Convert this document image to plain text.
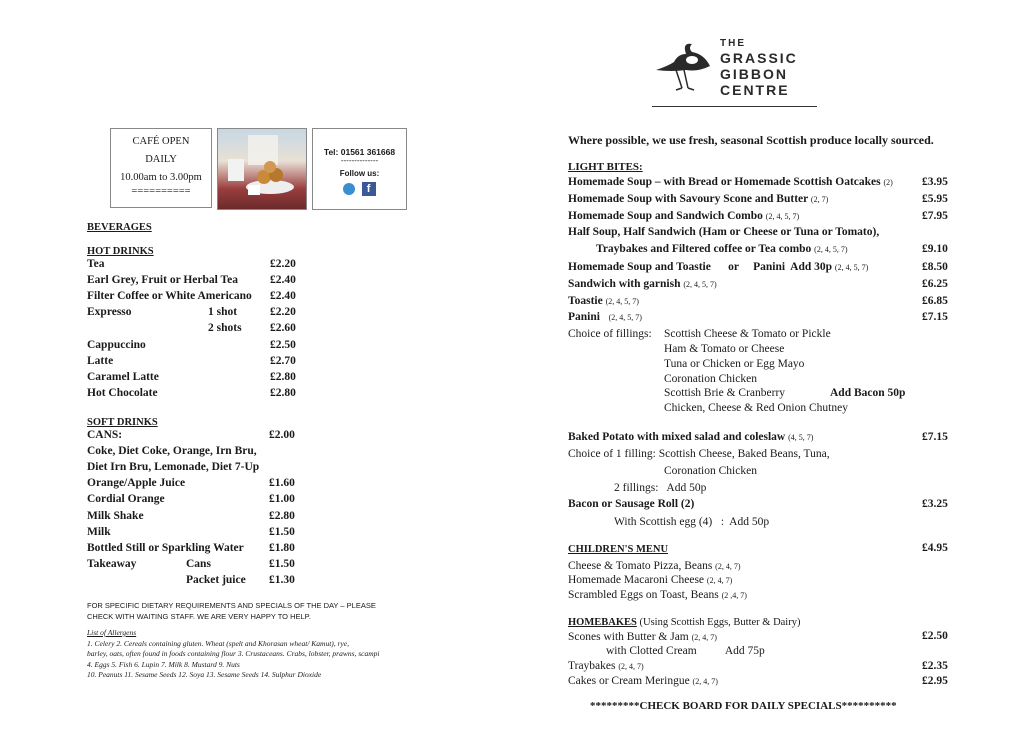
THE
GRASSIC
GIBBON
CENTRE
CAFÉ OPEN
DAILY
10.00am to 3.00pm
==========
Tel: 01561 361668
--------------
Follow us:
f
BEVERAGES
HOT DRINKS
Tea	£2.20
Earl Grey, Fruit or Herbal Tea	£2.40
Filter Coffee or White Americano £2.40
Expresso	1 shot	£2.20
2 shots £2.60
Cappuccino	£2.50
Latte	£2.70
Caramel Latte	£2.80
Hot Chocolate	£2.80
SOFT DRINKS
CANS:	£2.00
Coke, Diet Coke, Orange, Irn Bru,
Diet Irn Bru, Lemonade, Diet 7-Up
Orange/Apple Juice	£1.60
Cordial Orange	£1.00
Milk Shake	£2.80
Milk	£1.50
Bottled Still or Sparkling Water £1.80
Takeaway	Cans	£1.50
Packet juice £1.30
FOR SPECIFIC DIETARY REQUIREMENTS AND SPECIALS OF THE DAY – PLEASE
CHECK WITH WAITING STAFF. WE ARE VERY HAPPY TO HELP.
List of Allergens
1. Celery 2. Cereals containing gluten. Wheat (spelt and Khorasan wheat/ Kamut), rye,
barley, oats, often found in foods containing flour 3. Crustaceans. Crabs, lobster, prawns, scampi
4. Eggs 5. Fish 6. Lupin 7. Milk 8. Mustard 9. Nuts
10. Peanuts 11. Sesame Seeds 12. Soya 13. Sesame Seeds 14. Sulphur Dioxide
Where possible, we use fresh, seasonal Scottish produce locally sourced.
LIGHT BITES:
Homemade Soup – with Bread or Homemade Scottish Oatcakes (2)	£3.95
Homemade Soup with Savoury Scone and Butter (2, 7)	£5.95
Homemade Soup and Sandwich Combo (2, 4, 5, 7)	£7.95
Half Soup, Half Sandwich (Ham or Cheese or Tuna or Tomato),
Traybakes and Filtered coffee or Tea combo (2, 4, 5, 7)	£9.10
Homemade Soup and Toastie      or     Panini  Add 30p (2, 4, 5, 7)	£8.50
Sandwich with garnish (2, 4, 5, 7)	£6.25
Toastie (2, 4, 5, 7)	£6.85
Panini (2, 4, 5, 7)	£7.15
Choice of fillings: Scottish Cheese & Tomato or Pickle
Ham & Tomato or Cheese
Tuna or Chicken or Egg Mayo
Coronation Chicken
Scottish Brie & Cranberry	Add Bacon 50p
Chicken, Cheese & Red Onion Chutney
Baked Potato with mixed salad and coleslaw (4, 5, 7)	£7.15
Choice of 1 filling: Scottish Cheese, Baked Beans, Tuna,
Coronation Chicken
2 fillings:   Add 50p
Bacon or Sausage Roll (2)	£3.25
With Scottish egg (4)   :  Add 50p
CHILDREN'S MENU	£4.95
Cheese & Tomato Pizza, Beans (2, 4, 7)
Homemade Macaroni Cheese (2, 4, 7)
Scrambled Eggs on Toast, Beans (2 ,4, 7)
HOMEBAKES (Using Scottish Eggs, Butter & Dairy)
Scones with Butter & Jam (2, 4, 7)	£2.50
with Clotted Cream          Add 75p
Traybakes (2, 4, 7)	£2.35
Cakes or Cream Meringue (2, 4, 7)	£2.95
*********CHECK BOARD FOR DAILY SPECIALS**********
